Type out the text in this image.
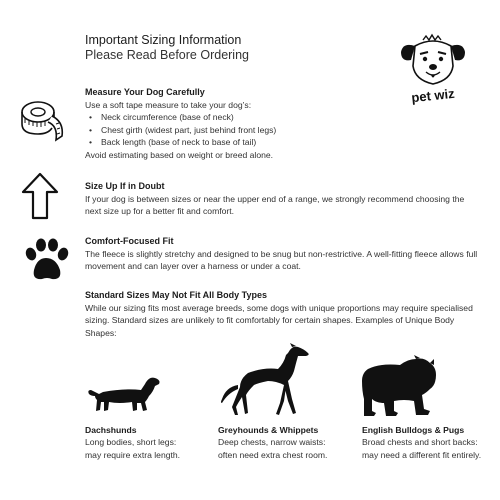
Important Sizing Information
Please Read Before Ordering
pet wiz
Measure Your Dog Carefully
Use a soft tape measure to take your dog’s:
• Neck circumference (base of neck)
• Chest girth (widest part, just behind front legs)
• Back length (base of neck to base of tail)
Avoid estimating based on weight or breed alone.
Size Up If in Doubt
If your dog is between sizes or near the upper end of a range, we strongly recommend choosing the next size up for a better fit and comfort.
Comfort-Focused Fit
The fleece is slightly stretchy and designed to be snug but non-restrictive. A well-fitting fleece allows full movement and can layer over a harness or under a coat.
Standard Sizes May Not Fit All Body Types
While our sizing fits most average breeds, some dogs with unique proportions may require specialised sizing. Standard sizes are unlikely to fit comfortably for certain shapes. Examples of Unique Body Shapes:
Dachshunds
Long bodies, short legs:
may require extra length.
Greyhounds & Whippets
Deep chests, narrow waists:
often need extra chest room.
English Bulldogs & Pugs
Broad chests and short backs:
may need a different fit entirely.
